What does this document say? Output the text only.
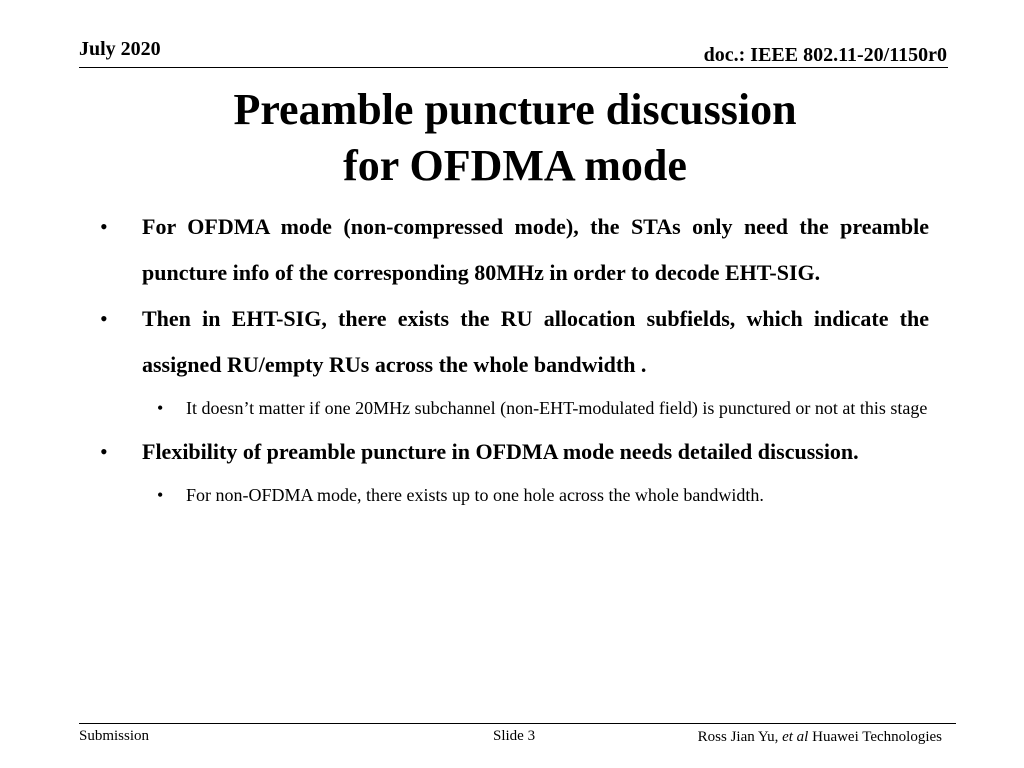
July 2020	doc.: IEEE 802.11-20/1150r0
Preamble puncture discussion
for OFDMA mode
• For OFDMA mode (non-compressed mode), the STAs only need the preamble puncture info of the corresponding 80MHz in order to decode EHT-SIG.
• Then in EHT-SIG, there exists the RU allocation subfields, which indicate the assigned RU/empty RUs across the whole bandwidth .
• It doesn’t matter if one 20MHz subchannel (non-EHT-modulated field) is punctured or not at this stage
• Flexibility of preamble puncture in OFDMA mode needs detailed discussion.
• For non-OFDMA mode, there exists up to one hole across the whole bandwidth.
Submission	Slide 3	Ross Jian Yu, et al Huawei Technologies
